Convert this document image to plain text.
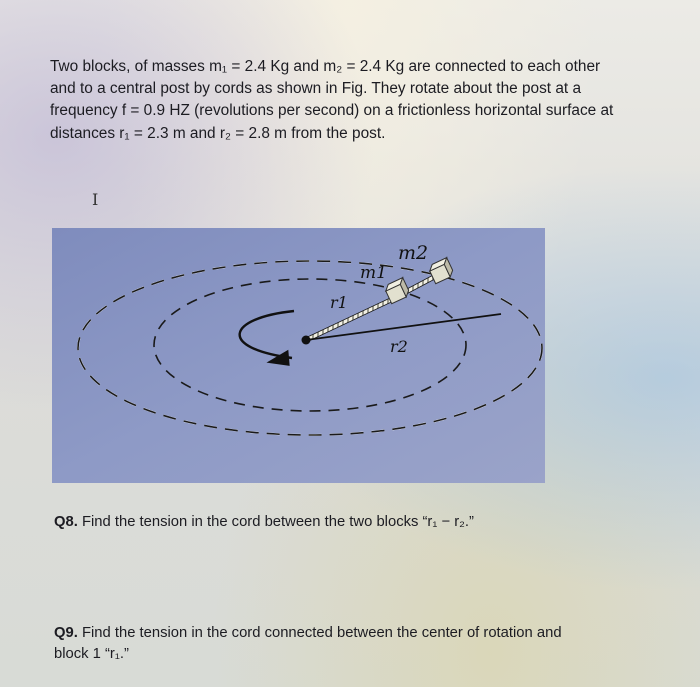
Two blocks, of masses m₁ = 2.4 Kg and m₂ = 2.4 Kg are connected to each other
and to a central post by cords as shown in Fig. They rotate about the post at a
frequency f = 0.9 HZ (revolutions per second) on a frictionless horizontal surface at
distances r₁ = 2.3 m and r₂ = 2.8 m from the post.
I
m2
m1
r1
r2
Q8. Find the tension in the cord between the two blocks “r₁ − r₂.”
Q9. Find the tension in the cord connected between the center of rotation and
block 1 “r₁.”
